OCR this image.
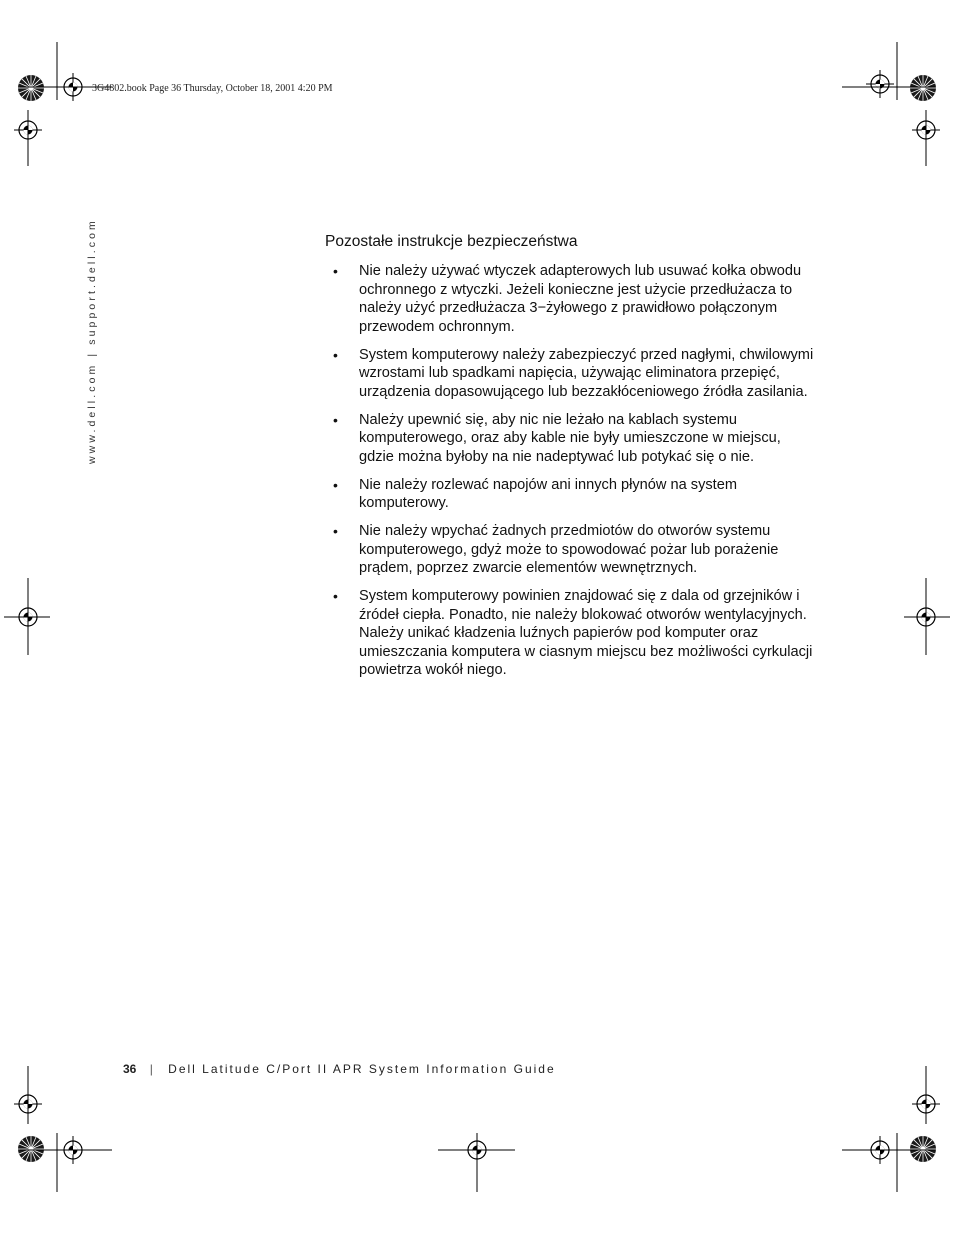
3G4802.book Page 36 Thursday, October 18, 2001 4:20 PM
www.dell.com | support.dell.com	Pozostałe instrukcje bezpieczeństwa
• Nie należy używać wtyczek adapterowych lub usuwać kołka obwodu ochronnego z wtyczki. Jeżeli konieczne jest użycie przedłużacza to należy użyć przedłużacza 3−żyłowego z prawidłowo połączonym przewodem ochronnym.
• System komputerowy należy zabezpieczyć przed nagłymi, chwilowymi wzrostami lub spadkami napięcia, używając eliminatora przepięć, urządzenia dopasowującego lub bezzakłóceniowego źródła zasilania.
• Należy upewnić się, aby nic nie leżało na kablach systemu komputerowego, oraz aby kable nie były umieszczone w miejscu, gdzie można byłoby na nie nadeptywać lub potykać się o nie.
• Nie należy rozlewać napojów ani innych płynów na system komputerowy.
• Nie należy wpychać żadnych przedmiotów do otworów systemu komputerowego, gdyż może to spowodować pożar lub porażenie prądem, poprzez zwarcie elementów wewnętrznych.
• System komputerowy powinien znajdować się z dala od grzejników i źródeł ciepła. Ponadto, nie należy blokować otworów wentylacyjnych. Należy unikać kładzenia luźnych papierów pod komputer oraz umieszczania komputera w ciasnym miejscu bez możliwości cyrkulacji powietrza wokół niego.
36 | Dell Latitude C/Port II APR System Information Guide
